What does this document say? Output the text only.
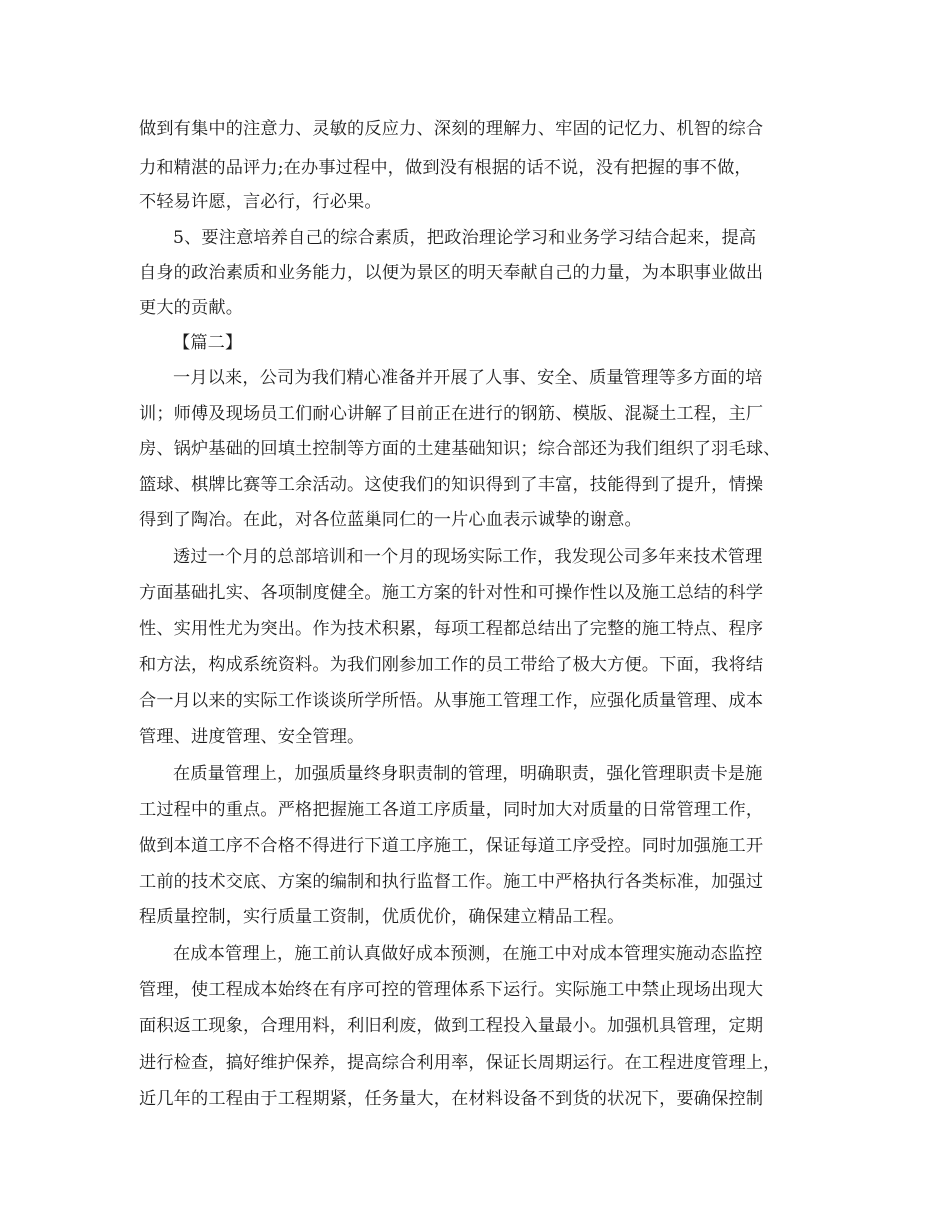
做到有集中的注意力、灵敏的反应力、深刻的理解力、牢固的记忆力、机智的综合
力和精湛的品评力;在办事过程中，做到没有根据的话不说，没有把握的事不做，
不轻易许愿，言必行，行必果。
5、要注意培养自己的综合素质，把政治理论学习和业务学习结合起来，提高
自身的政治素质和业务能力，以便为景区的明天奉献自己的力量，为本职事业做出
更大的贡献。
【篇二】
一月以来，公司为我们精心准备并开展了人事、安全、质量管理等多方面的培
训；师傅及现场员工们耐心讲解了目前正在进行的钢筋、模版、混凝土工程，主厂
房、锅炉基础的回填土控制等方面的土建基础知识；综合部还为我们组织了羽毛球、
篮球、棋牌比赛等工余活动。这使我们的知识得到了丰富，技能得到了提升，情操
得到了陶冶。在此，对各位蓝巢同仁的一片心血表示诚挚的谢意。
透过一个月的总部培训和一个月的现场实际工作，我发现公司多年来技术管理
方面基础扎实、各项制度健全。施工方案的针对性和可操作性以及施工总结的科学
性、实用性尤为突出。作为技术积累，每项工程都总结出了完整的施工特点、程序
和方法，构成系统资料。为我们刚参加工作的员工带给了极大方便。下面，我将结
合一月以来的实际工作谈谈所学所悟。从事施工管理工作，应强化质量管理、成本
管理、进度管理、安全管理。
在质量管理上，加强质量终身职责制的管理，明确职责，强化管理职责卡是施
工过程中的重点。严格把握施工各道工序质量，同时加大对质量的日常管理工作，
做到本道工序不合格不得进行下道工序施工，保证每道工序受控。同时加强施工开
工前的技术交底、方案的编制和执行监督工作。施工中严格执行各类标准，加强过
程质量控制，实行质量工资制，优质优价，确保建立精品工程。
在成本管理上，施工前认真做好成本预测，在施工中对成本管理实施动态监控
管理，使工程成本始终在有序可控的管理体系下运行。实际施工中禁止现场出现大
面积返工现象，合理用料，利旧利废，做到工程投入量最小。加强机具管理，定期
进行检查，搞好维护保养，提高综合利用率，保证长周期运行。在工程进度管理上，
近几年的工程由于工程期紧，任务量大，在材料设备不到货的状况下，要确保控制
